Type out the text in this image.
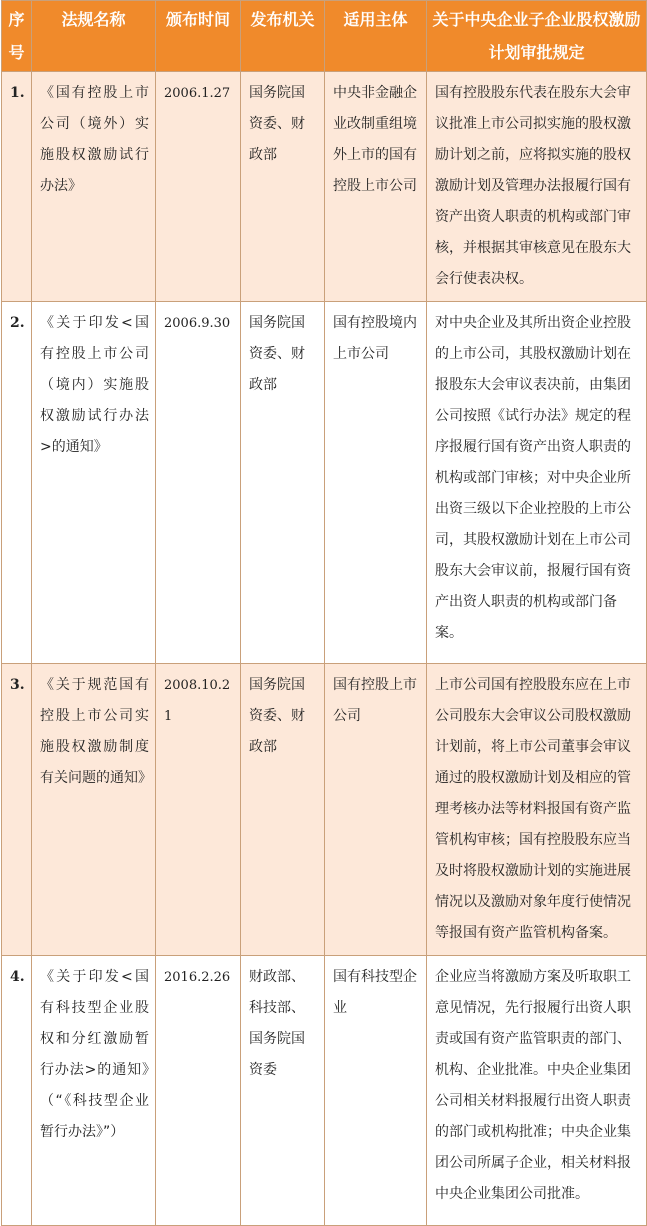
序号	法规名称	颁布时间	发布机关	适用主体	关于中央企业子企业股权激励计划审批规定
1.	《国有控股上市公司（境外）实施股权激励试行办法》	2006.1.27	国务院国资委、财政部	中央非金融企业改制重组境外上市的国有控股上市公司	国有控股股东代表在股东大会审议批准上市公司拟实施的股权激励计划之前，应将拟实施的股权激励计划及管理办法报履行国有资产出资人职责的机构或部门审核，并根据其审核意见在股东大会行使表决权。
2.	《关于印发<国有控股上市公司（境内）实施股权激励试行办法>的通知》	2006.9.30	国务院国资委、财政部	国有控股境内上市公司	对中央企业及其所出资企业控股的上市公司，其股权激励计划在报股东大会审议表决前，由集团公司按照《试行办法》规定的程序报履行国有资产出资人职责的机构或部门审核；对中央企业所出资三级以下企业控股的上市公司，其股权激励计划在上市公司股东大会审议前，报履行国有资产出资人职责的机构或部门备案。
3.	《关于规范国有控股上市公司实施股权激励制度有关问题的通知》	2008.10.21	国务院国资委、财政部	国有控股上市公司	上市公司国有控股股东应在上市公司股东大会审议公司股权激励计划前，将上市公司董事会审议通过的股权激励计划及相应的管理考核办法等材料报国有资产监管机构审核；国有控股股东应当及时将股权激励计划的实施进展情况以及激励对象年度行使情况等报国有资产监管机构备案。
4.	《关于印发<国有科技型企业股权和分红激励暂行办法>的通知》（“《科技型企业暂行办法》”）	2016.2.26	财政部、科技部、国务院国资委	国有科技型企业	企业应当将激励方案及听取职工意见情况，先行报履行出资人职责或国有资产监管职责的部门、机构、企业批准。中央企业集团公司相关材料报履行出资人职责的部门或机构批准；中央企业集团公司所属子企业，相关材料报中央企业集团公司批准。
